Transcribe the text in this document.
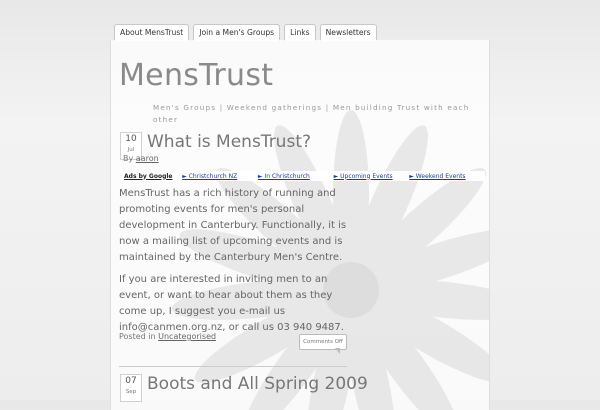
About MensTrust	Join a Men's Groups	Links	Newsletters
MensTrust
Men's Groups | Weekend gatherings | Men building Trust with each other
10
Jul What is MensTrust?
By aaron
Ads by Google	► Christchurch NZ	► In Christchurch	► Upcoming Events	► Weekend Events

MensTrust has a rich history of running and promoting events for men's personal development in Canterbury. Functionally, it is now a mailing list of upcoming events and is maintained by the Canterbury Men's Centre.

If you are interested in inviting men to an event, or want to hear about them as they come up, I suggest you e-mail us info@canmen.org.nz, or call us 03 940 9487.

Posted in Uncategorised
Comments Off
07
Sep Boots and All Spring 2009
